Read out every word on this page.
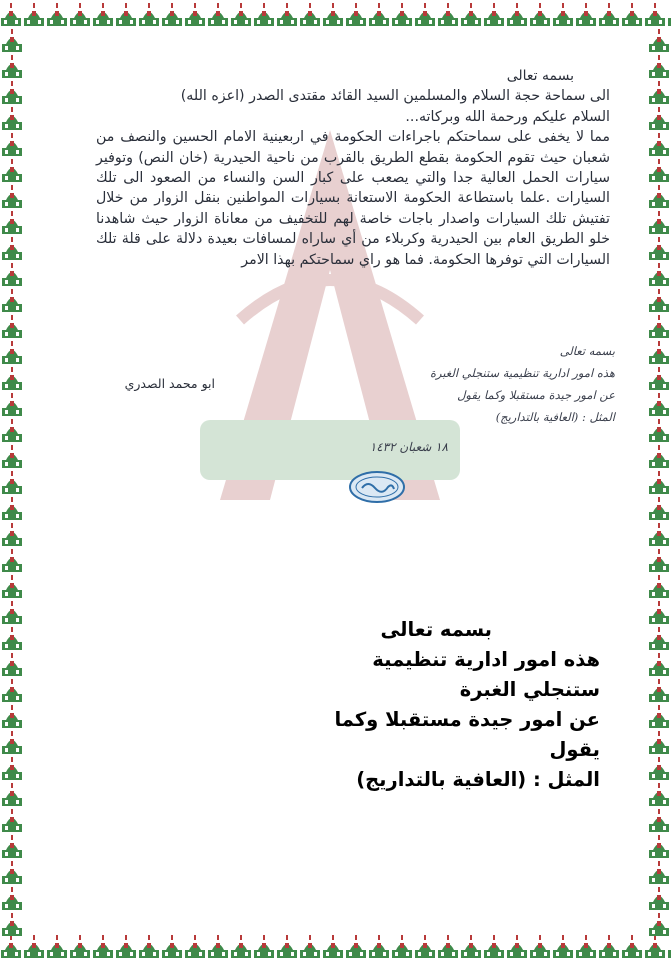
بسمه تعالى
الى سماحة حجة السلام والمسلمين السيد القائد مقتدى الصدر (اعزه الله)
السلام عليكم ورحمة الله وبركاته...

مما لا يخفى على سماحتكم باجراءات الحكومة في اربعينية الامام الحسين والنصف من شعبان حيث تقوم الحكومة بقطع الطريق بالقرب من ناحية الحيدرية (خان النص) وتوفير سيارات الحمل العالية جدا والتي يصعب على كبار السن والنساء من الصعود الى تلك السيارات .علما باستطاعة الحكومة الاستعانة بسيارات المواطنين بنقل الزوار من خلال تفتيش تلك السيارات واصدار باجات خاصة لهم للتخفيف من معاناة الزوار حيث شاهدنا خلو الطريق العام بين الحيدرية وكربلاء من أي ساراه لمسافات بعيدة دلالة على قلة تلك السيارات التي توفرها الحكومة. فما هو راي سماحتكم بهذا الامر

ابو محمد الصدري
بسمه تعالى
هذه امور ادارية تنظيمية ستنجلي الغبرة
عن امور جيدة مستقبلا وكما يقول
المثل : (العافية بالتداريج)
١٨ شعبان ١٤٣٢
بسمه تعالى
هذه امور ادارية تنظيمية ستنجلي الغبرة
عن امور جيدة مستقبلا وكما يقول
المثل : (العافية بالتداريج)
